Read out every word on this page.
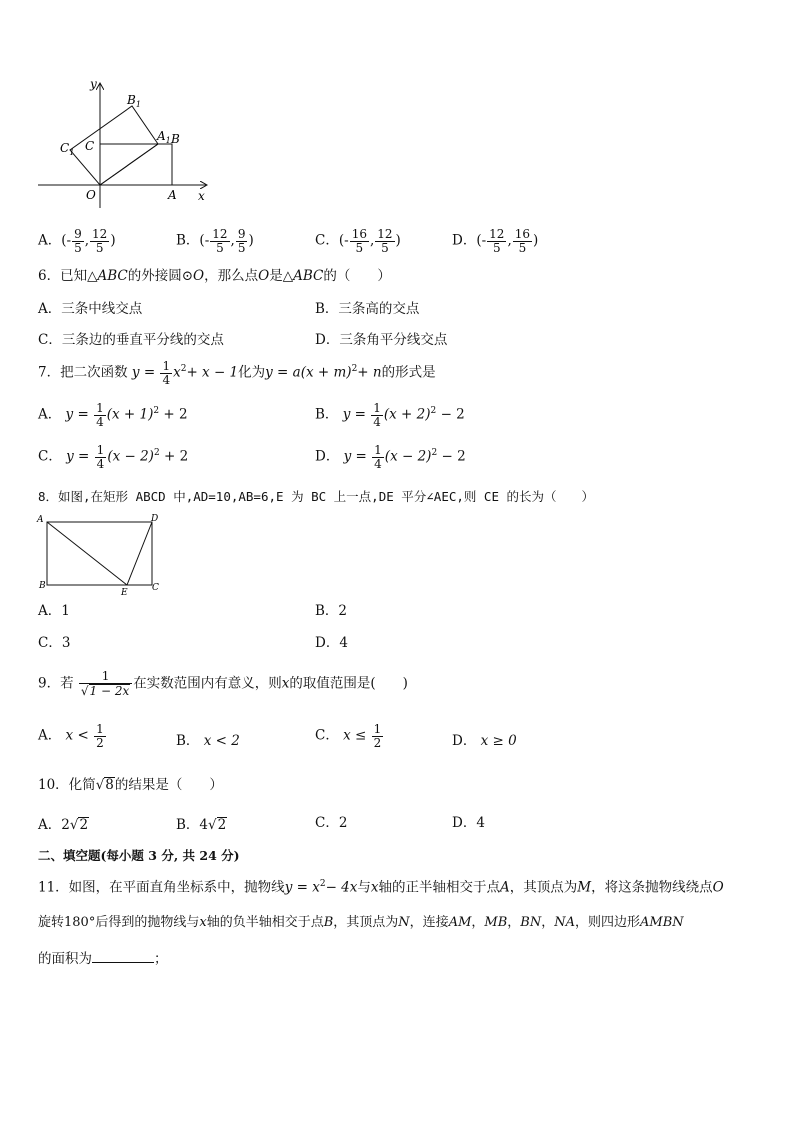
y
x
O	A
B
C
$C_1$
$B_1$
$A_1$
6．已知△ABC的外接圆⊙O，那么点O是△ABC的（　　）
A．三条中线交点	B．三条高的交点
C．三条边的垂直平分线的交点	D．三条角平分线交点
7．把二次函数 $y = \frac{1}{4} x^2+ x - 1$化为$y = a(x + m)^2+ n$的形式是
8．如图,在矩形 ABCD 中,AD=10,AB=6,E 为 BC 上一点,DE 平分∠AEC,则 CE 的长为（　　）
A	D
B	C
E
A．1	B．2
C．3	D．4
9．若 $\frac{1}{√1 - 2x}$ 在实数范围内有意义，则x的取值范围是(　　)
10．化简√8的结果是（　　）
二、填空题(每小题 3 分, 共 24 分)
11．如图，在平面直角坐标系中，抛物线$y = x^2- 4x$与x轴的正半轴相交于点A，其顶点为M，将这条抛物线绕点O
旋转180°后得到的抛物线与x轴的负半轴相交于点B，其顶点为N，连接AM，MB，BN，NA，则四边形AMBN
的面积为	；
A．(- $\frac{9}{5}$ , $\frac{12}{5}$ )	B．(- $\frac{12}{5}$ , $\frac{9}{5}$ )	C．(- $\frac{16}{5}$ , $\frac{12}{5}$ )	D．(- $\frac{12}{5}$ , $\frac{16}{5}$ )
A． $y = \frac{1}{4} (x + 1)^2 + 2$	B． $y = \frac{1}{4} (x + 2)^2 - 2$
C． $y = \frac{1}{4} (x - 2)^2 + 2$	D． $y = \frac{1}{4} (x - 2)^2 - 2$
A． $x < \frac{1}{2}$	B． x < 2	C． $x \le \frac{1}{2}$	D． x ≥ 0
A．2√2	B．4√2	C．2	D．4
